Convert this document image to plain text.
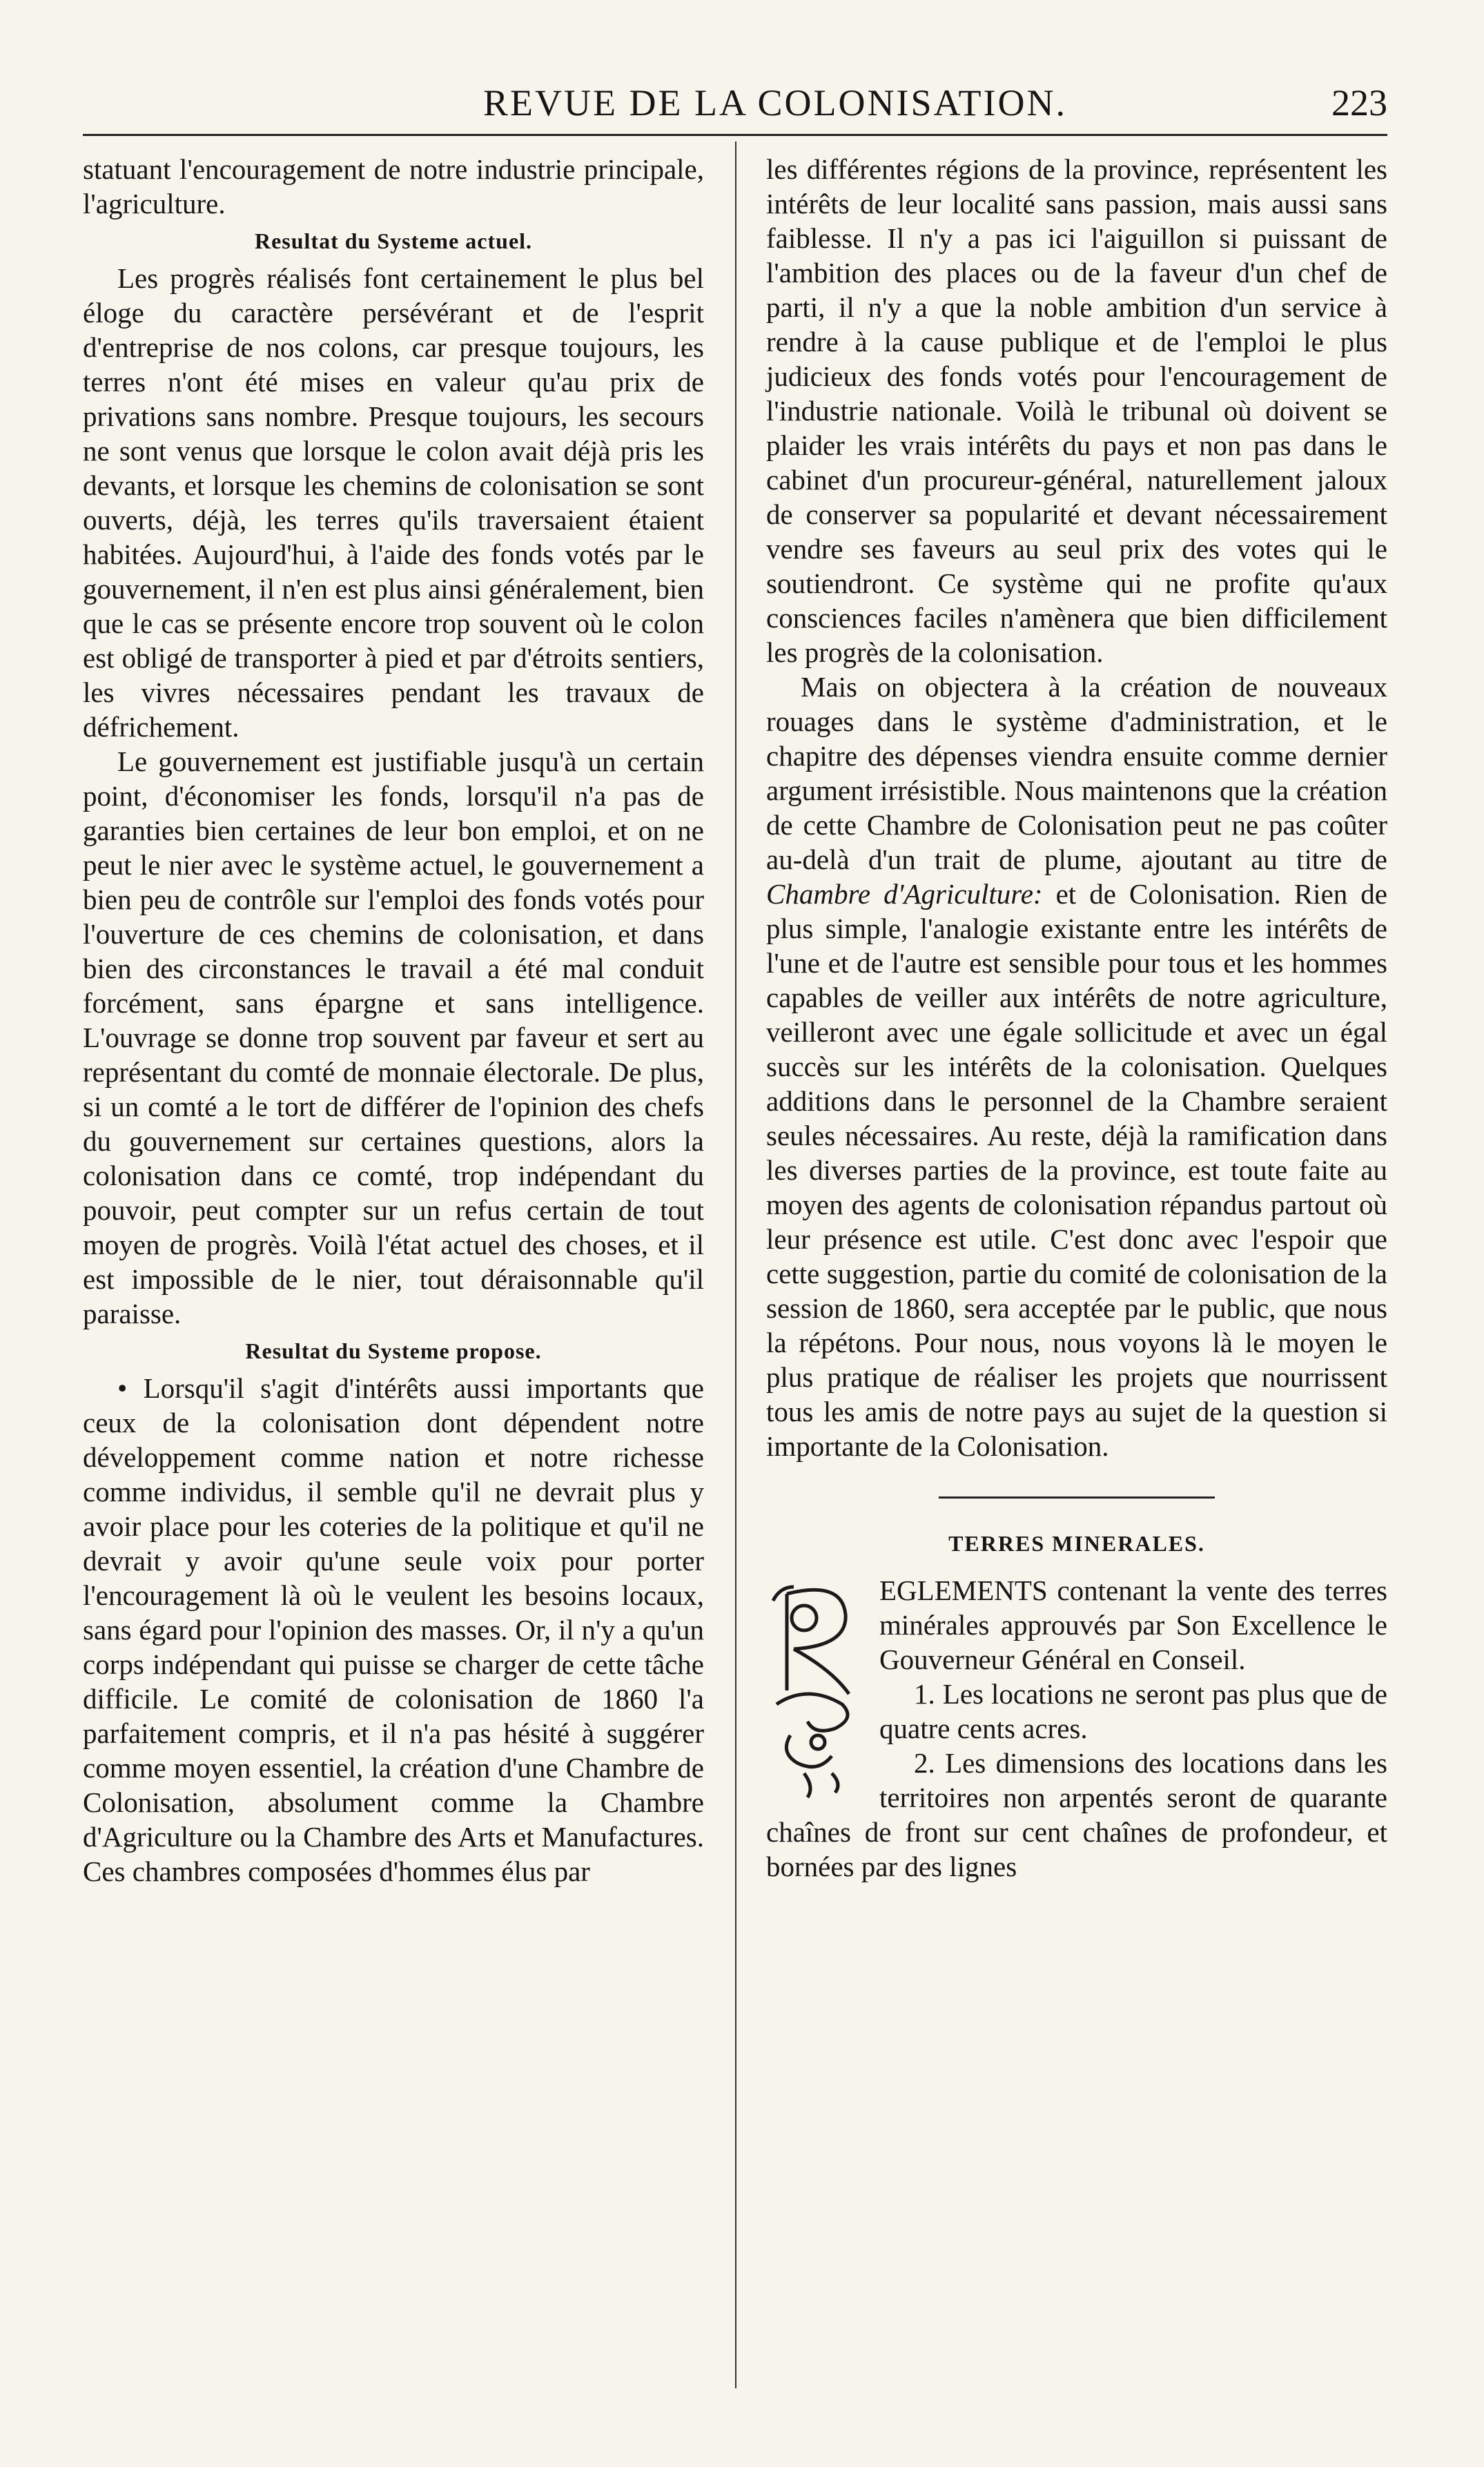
REVUE DE LA COLONISATION.	223

statuant l'encouragement de notre industrie principale, l'agriculture.

Resultat du Systeme actuel.

Les progrès réalisés font certainement le plus bel éloge du caractère persévérant et de l'esprit d'entreprise de nos colons, car presque toujours, les terres n'ont été mises en valeur qu'au prix de privations sans nombre. Presque toujours, les secours ne sont venus que lorsque le colon avait déjà pris les devants, et lorsque les chemins de colonisation se sont ouverts, déjà, les terres qu'ils traversaient étaient habitées. Aujourd'hui, à l'aide des fonds votés par le gouvernement, il n'en est plus ainsi généralement, bien que le cas se présente encore trop souvent où le colon est obligé de transporter à pied et par d'étroits sentiers, les vivres nécessaires pendant les travaux de défrichement.

Le gouvernement est justifiable jusqu'à un certain point, d'économiser les fonds, lorsqu'il n'a pas de garanties bien certaines de leur bon emploi, et on ne peut le nier avec le système actuel, le gouvernement a bien peu de contrôle sur l'emploi des fonds votés pour l'ouverture de ces chemins de colonisation, et dans bien des circonstances le travail a été mal conduit forcément, sans épargne et sans intelligence. L'ouvrage se donne trop souvent par faveur et sert au représentant du comté de monnaie électorale. De plus, si un comté a le tort de différer de l'opinion des chefs du gouvernement sur certaines questions, alors la colonisation dans ce comté, trop indépendant du pouvoir, peut compter sur un refus certain de tout moyen de progrès. Voilà l'état actuel des choses, et il est impossible de le nier, tout déraisonnable qu'il paraisse.

Resultat du Systeme propose.

• Lorsqu'il s'agit d'intérêts aussi importants que ceux de la colonisation dont dépendent notre développement comme nation et notre richesse comme individus, il semble qu'il ne devrait plus y avoir place pour les coteries de la politique et qu'il ne devrait y avoir qu'une seule voix pour porter l'encouragement là où le veulent les besoins locaux, sans égard pour l'opinion des masses. Or, il n'y a qu'un corps indépendant qui puisse se charger de cette tâche difficile. Le comité de colonisation de 1860 l'a parfaitement compris, et il n'a pas hésité à suggérer comme moyen essentiel, la création d'une Chambre de Colonisation, absolument comme la Chambre d'Agriculture ou la Chambre des Arts et Manufactures. Ces chambres composées d'hommes élus par

les différentes régions de la province, représentent les intérêts de leur localité sans passion, mais aussi sans faiblesse. Il n'y a pas ici l'aiguillon si puissant de l'ambition des places ou de la faveur d'un chef de parti, il n'y a que la noble ambition d'un service à rendre à la cause publique et de l'emploi le plus judicieux des fonds votés pour l'encouragement de l'industrie nationale. Voilà le tribunal où doivent se plaider les vrais intérêts du pays et non pas dans le cabinet d'un procureur-général, naturellement jaloux de conserver sa popularité et devant nécessairement vendre ses faveurs au seul prix des votes qui le soutiendront. Ce système qui ne profite qu'aux consciences faciles n'amènera que bien difficilement les progrès de la colonisation.

Mais on objectera à la création de nouveaux rouages dans le système d'administration, et le chapitre des dépenses viendra ensuite comme dernier argument irrésistible. Nous maintenons que la création de cette Chambre de Colonisation peut ne pas coûter au-delà d'un trait de plume, ajoutant au titre de Chambre d'Agriculture: et de Colonisation. Rien de plus simple, l'analogie existante entre les intérêts de l'une et de l'autre est sensible pour tous et les hommes capables de veiller aux intérêts de notre agriculture, veilleront avec une égale sollicitude et avec un égal succès sur les intérêts de la colonisation. Quelques additions dans le personnel de la Chambre seraient seules nécessaires. Au reste, déjà la ramification dans les diverses parties de la province, est toute faite au moyen des agents de colonisation répandus partout où leur présence est utile. C'est donc avec l'espoir que cette suggestion, partie du comité de colonisation de la session de 1860, sera acceptée par le public, que nous la répétons. Pour nous, nous voyons là le moyen le plus pratique de réaliser les projets que nourrissent tous les amis de notre pays au sujet de la question si importante de la Colonisation.

TERRES MINERALES.

EGLEMENTS contenant la vente des terres minérales approuvés par Son Excellence le Gouverneur Général en Conseil.

1. Les locations ne seront pas plus que de quatre cents acres.

2. Les dimensions des locations dans les territoires non arpentés seront de quarante chaînes de front sur cent chaînes de profondeur, et bornées par des lignes
